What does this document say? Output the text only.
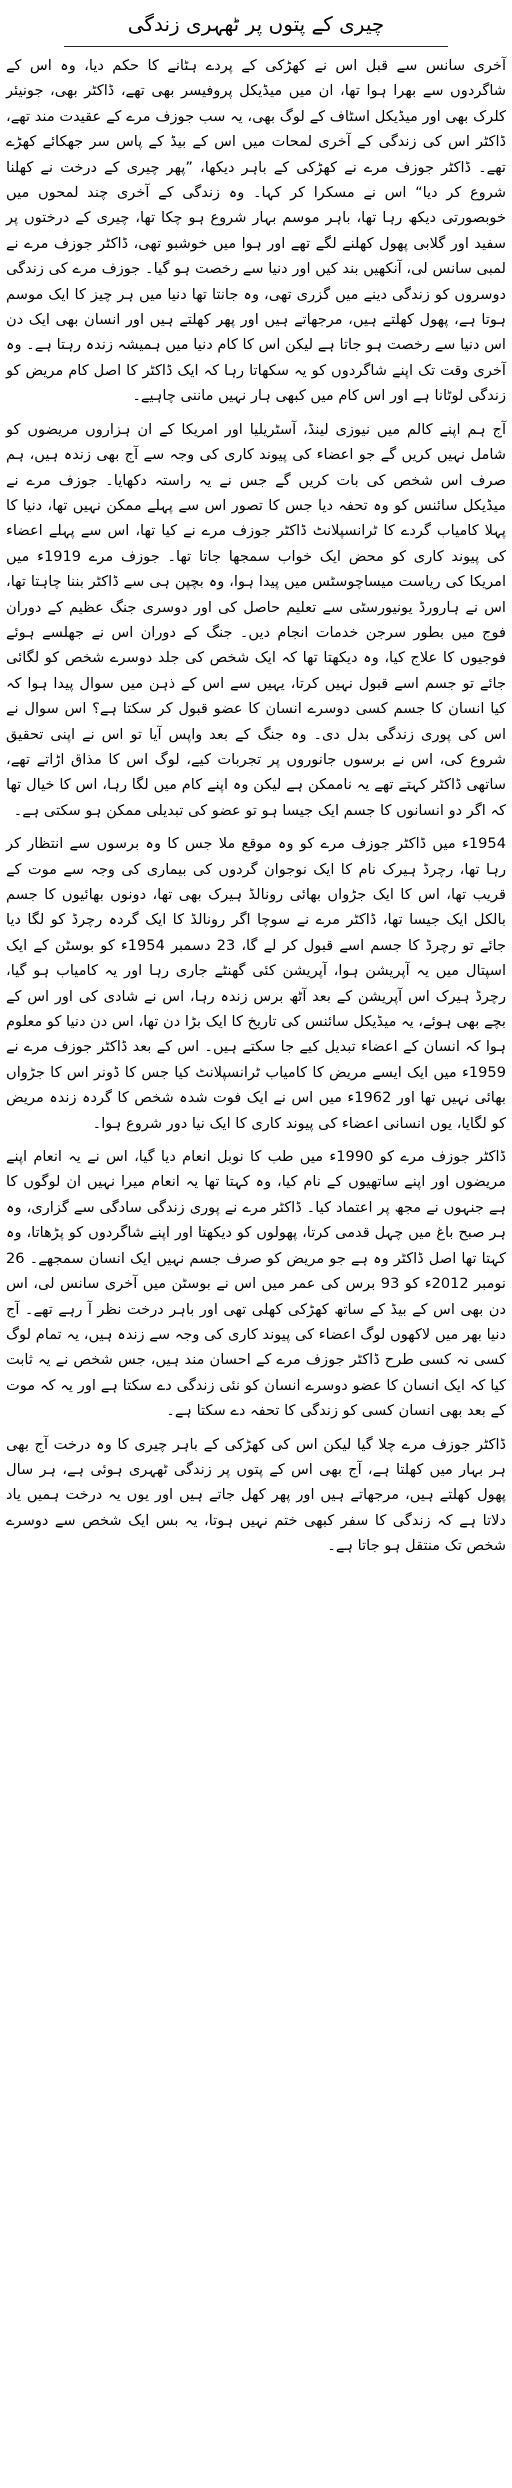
چیری کے پتوں پر ٹھہری زندگی

آخری سانس سے قبل اس نے کھڑکی کے پردے ہٹانے کا حکم دیا، وہ اس کے شاگردوں سے بھرا ہوا تھا، ان میں میڈیکل پروفیسر بھی تھے، ڈاکٹر بھی، جونیئر کلرک بھی اور میڈیکل اسٹاف کے لوگ بھی، یہ سب جوزف مرے کے عقیدت مند تھے، ڈاکٹر اس کی زندگی کے آخری لمحات میں اس کے بیڈ کے پاس سر جھکائے کھڑے تھے۔ ڈاکٹر جوزف مرے نے کھڑکی کے باہر دیکھا، ”پھر چیری کے درخت نے کھلنا شروع کر دیا“ اس نے مسکرا کر کہا۔ وہ زندگی کے آخری چند لمحوں میں خوبصورتی دیکھ رہا تھا، باہر موسم بہار شروع ہو چکا تھا، چیری کے درختوں پر سفید اور گلابی پھول کھلنے لگے تھے اور ہوا میں خوشبو تھی، ڈاکٹر جوزف مرے نے لمبی سانس لی، آنکھیں بند کیں اور دنیا سے رخصت ہو گیا۔ جوزف مرے کی زندگی دوسروں کو زندگی دینے میں گزری تھی، وہ جانتا تھا دنیا میں ہر چیز کا ایک موسم ہوتا ہے، پھول کھلتے ہیں، مرجھاتے ہیں اور پھر کھلتے ہیں اور انسان بھی ایک دن اس دنیا سے رخصت ہو جاتا ہے لیکن اس کا کام دنیا میں ہمیشہ زندہ رہتا ہے۔ وہ آخری وقت تک اپنے شاگردوں کو یہ سکھاتا رہا کہ ایک ڈاکٹر کا اصل کام مریض کو زندگی لوٹانا ہے اور اس کام میں کبھی ہار نہیں ماننی چاہیے۔

آج ہم اپنے کالم میں نیوزی لینڈ، آسٹریلیا اور امریکا کے ان ہزاروں مریضوں کو شامل نہیں کریں گے جو اعضاء کی پیوند کاری کی وجہ سے آج بھی زندہ ہیں، ہم صرف اس شخص کی بات کریں گے جس نے یہ راستہ دکھایا۔ جوزف مرے نے میڈیکل سائنس کو وہ تحفہ دیا جس کا تصور اس سے پہلے ممکن نہیں تھا، دنیا کا پہلا کامیاب گردے کا ٹرانسپلانٹ ڈاکٹر جوزف مرے نے کیا تھا، اس سے پہلے اعضاء کی پیوند کاری کو محض ایک خواب سمجھا جاتا تھا۔ جوزف مرے 1919ء میں امریکا کی ریاست میساچوسٹس میں پیدا ہوا، وہ بچپن ہی سے ڈاکٹر بننا چاہتا تھا، اس نے ہارورڈ یونیورسٹی سے تعلیم حاصل کی اور دوسری جنگ عظیم کے دوران فوج میں بطور سرجن خدمات انجام دیں۔ جنگ کے دوران اس نے جھلسے ہوئے فوجیوں کا علاج کیا، وہ دیکھتا تھا کہ ایک شخص کی جلد دوسرے شخص کو لگائی جائے تو جسم اسے قبول نہیں کرتا، یہیں سے اس کے ذہن میں سوال پیدا ہوا کہ کیا انسان کا جسم کسی دوسرے انسان کا عضو قبول کر سکتا ہے؟ اس سوال نے اس کی پوری زندگی بدل دی۔ وہ جنگ کے بعد واپس آیا تو اس نے اپنی تحقیق شروع کی، اس نے برسوں جانوروں پر تجربات کیے، لوگ اس کا مذاق اڑاتے تھے، ساتھی ڈاکٹر کہتے تھے یہ ناممکن ہے لیکن وہ اپنے کام میں لگا رہا، اس کا خیال تھا کہ اگر دو انسانوں کا جسم ایک جیسا ہو تو عضو کی تبدیلی ممکن ہو سکتی ہے۔

1954ء میں ڈاکٹر جوزف مرے کو وہ موقع ملا جس کا وہ برسوں سے انتظار کر رہا تھا، رچرڈ ہیرک نام کا ایک نوجوان گردوں کی بیماری کی وجہ سے موت کے قریب تھا، اس کا ایک جڑواں بھائی رونالڈ ہیرک بھی تھا، دونوں بھائیوں کا جسم بالکل ایک جیسا تھا، ڈاکٹر مرے نے سوچا اگر رونالڈ کا ایک گردہ رچرڈ کو لگا دیا جائے تو رچرڈ کا جسم اسے قبول کر لے گا، 23 دسمبر 1954ء کو بوسٹن کے ایک اسپتال میں یہ آپریشن ہوا، آپریشن کئی گھنٹے جاری رہا اور یہ کامیاب ہو گیا، رچرڈ ہیرک اس آپریشن کے بعد آٹھ برس زندہ رہا، اس نے شادی کی اور اس کے بچے بھی ہوئے، یہ میڈیکل سائنس کی تاریخ کا ایک بڑا دن تھا، اس دن دنیا کو معلوم ہوا کہ انسان کے اعضاء تبدیل کیے جا سکتے ہیں۔ اس کے بعد ڈاکٹر جوزف مرے نے 1959ء میں ایک ایسے مریض کا کامیاب ٹرانسپلانٹ کیا جس کا ڈونر اس کا جڑواں بھائی نہیں تھا اور 1962ء میں اس نے ایک فوت شدہ شخص کا گردہ زندہ مریض کو لگایا، یوں انسانی اعضاء کی پیوند کاری کا ایک نیا دور شروع ہوا۔

ڈاکٹر جوزف مرے کو 1990ء میں طب کا نوبل انعام دیا گیا، اس نے یہ انعام اپنے مریضوں اور اپنے ساتھیوں کے نام کیا، وہ کہتا تھا یہ انعام میرا نہیں ان لوگوں کا ہے جنہوں نے مجھ پر اعتماد کیا۔ ڈاکٹر مرے نے پوری زندگی سادگی سے گزاری، وہ ہر صبح باغ میں چہل قدمی کرتا، پھولوں کو دیکھتا اور اپنے شاگردوں کو پڑھاتا، وہ کہتا تھا اصل ڈاکٹر وہ ہے جو مریض کو صرف جسم نہیں ایک انسان سمجھے۔ 26 نومبر 2012ء کو 93 برس کی عمر میں اس نے بوسٹن میں آخری سانس لی، اس دن بھی اس کے بیڈ کے ساتھ کھڑکی کھلی تھی اور باہر درخت نظر آ رہے تھے۔ آج دنیا بھر میں لاکھوں لوگ اعضاء کی پیوند کاری کی وجہ سے زندہ ہیں، یہ تمام لوگ کسی نہ کسی طرح ڈاکٹر جوزف مرے کے احسان مند ہیں، جس شخص نے یہ ثابت کیا کہ ایک انسان کا عضو دوسرے انسان کو نئی زندگی دے سکتا ہے اور یہ کہ موت کے بعد بھی انسان کسی کو زندگی کا تحفہ دے سکتا ہے۔

ڈاکٹر جوزف مرے چلا گیا لیکن اس کی کھڑکی کے باہر چیری کا وہ درخت آج بھی ہر بہار میں کھلتا ہے، آج بھی اس کے پتوں پر زندگی ٹھہری ہوئی ہے، ہر سال پھول کھلتے ہیں، مرجھاتے ہیں اور پھر کھل جاتے ہیں اور یوں یہ درخت ہمیں یاد دلاتا ہے کہ زندگی کا سفر کبھی ختم نہیں ہوتا، یہ بس ایک شخص سے دوسرے شخص تک منتقل ہو جاتا ہے۔
